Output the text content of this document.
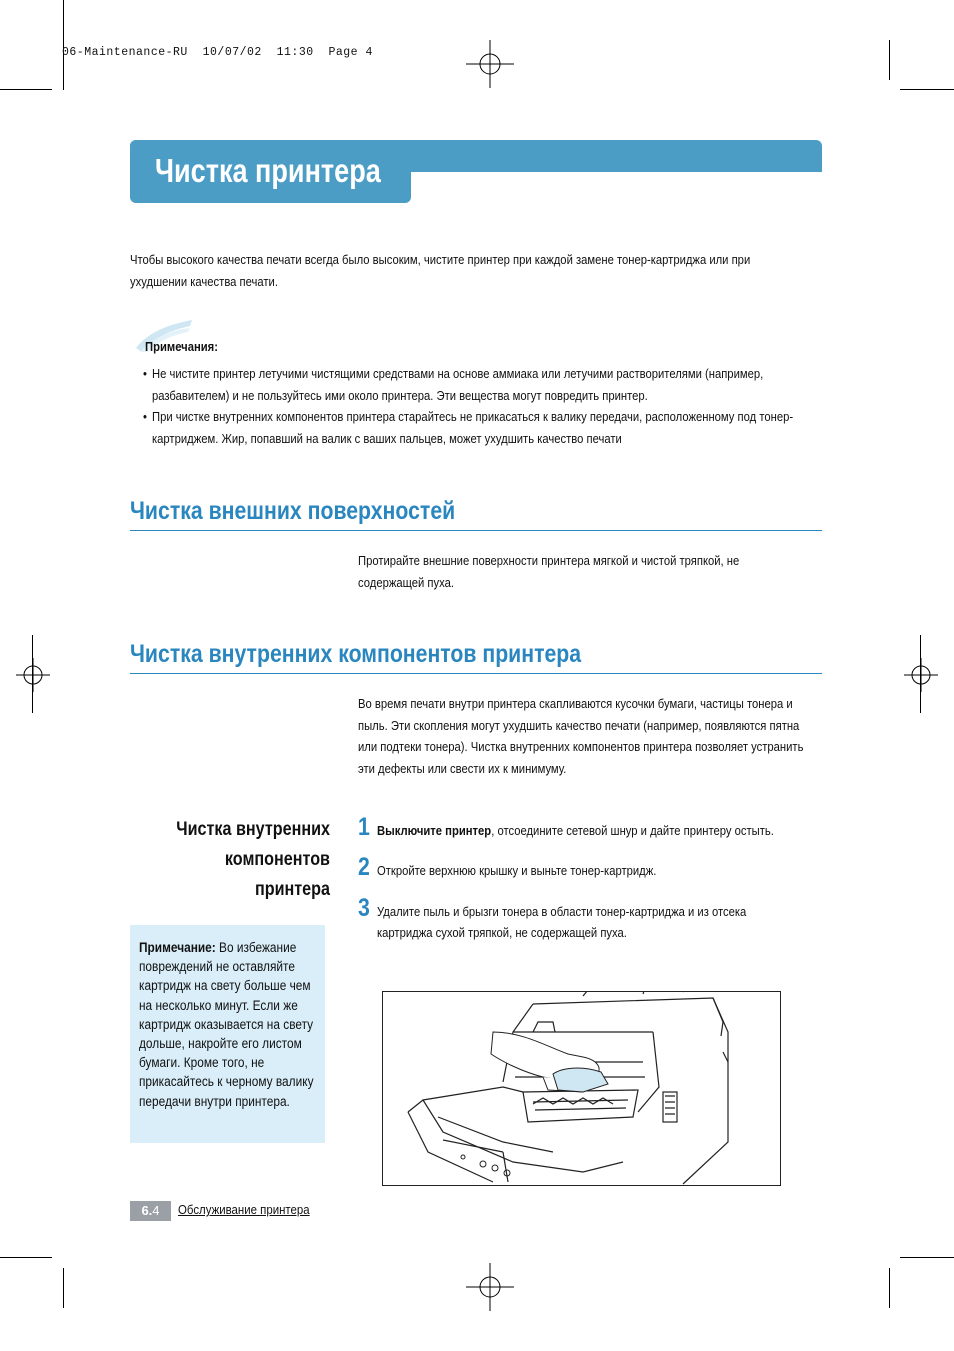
06-Maintenance-RU  10/07/02  11:30  Page 4
Чистка принтера
Чтобы высокого качества печати всегда было высоким, чистите принтер при каждой замене тонер-картриджа или при ухудшении качества печати.
Примечания:
• Не чистите принтер летучими чистящими средствами на основе аммиака или летучими растворителями (например, разбавителем) и не пользуйтесь ими около принтера. Эти вещества могут повредить принтер.
• При чистке внутренних компонентов принтера старайтесь не прикасаться к валику передачи, расположенному под тонер-картриджем. Жир, попавший на валик с ваших пальцев, может ухудшить качество печати
Чистка внешних поверхностей
Протирайте внешние поверхности принтера мягкой и чистой тряпкой, не содержащей пуха.
Чистка внутренних компонентов принтера
Во время печати внутри принтера скапливаются кусочки бумаги, частицы тонера и пыль. Эти скопления могут ухудшить качество печати (например, появляются пятна или подтеки тонера). Чистка внутренних компонентов принтера позволяет устранить эти дефекты или свести их к минимуму.
Чистка внутренних
компонентов принтера
Примечание: Во избежание повреждений не оставляйте картридж на свету больше чем на несколько минут. Если же картридж оказывается на свету дольше, накройте его листом бумаги. Кроме того, не прикасайтесь к черному валику передачи внутри принтера.
1 Выключите принтер, отсоедините сетевой шнур и дайте принтеру остыть.
2 Откройте верхнюю крышку и выньте тонер-картридж.
3 Удалите пыль и брызги тонера в области тонер-картриджа и из отсека картриджа сухой тряпкой, не содержащей пуха.
6.4	Обслуживание принтера
